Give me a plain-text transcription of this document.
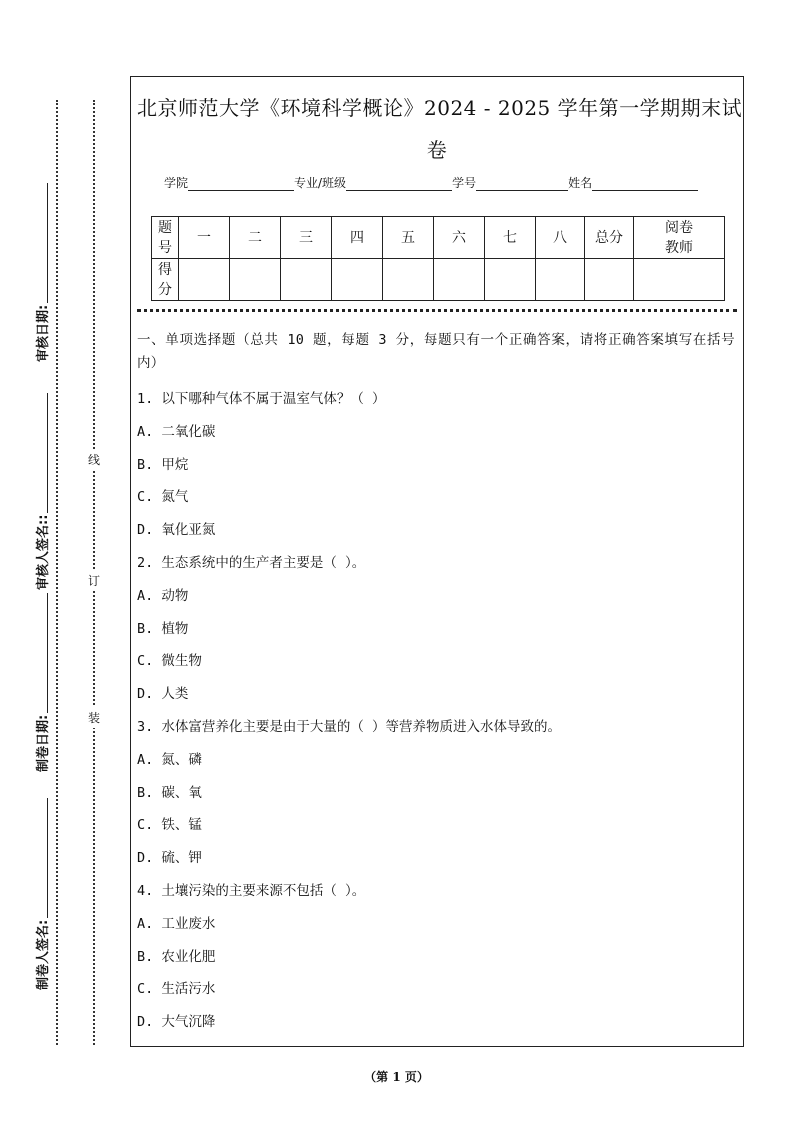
制卷人签名:
制卷日期:
审核人签名::
审核日期:
装
订
线
北京师范大学《环境科学概论》2024 - 2025 学年第一学期期末试
卷
学院	专业/班级	学号	姓名
题号	一	二	三	四	五	六	七	八	总分	阅卷教师
得分										
一、单项选择题（总共 10 题，每题 3 分，每题只有一个正确答案，请将正确答案填写在括号内）
1. 以下哪种气体不属于温室气体？（ ）
A. 二氧化碳
B. 甲烷
C. 氮气
D. 氧化亚氮
2. 生态系统中的生产者主要是（ ）。
A. 动物
B. 植物
C. 微生物
D. 人类
3. 水体富营养化主要是由于大量的（ ）等营养物质进入水体导致的。
A. 氮、磷
B. 碳、氧
C. 铁、锰
D. 硫、钾
4. 土壤污染的主要来源不包括（ ）。
A. 工业废水
B. 农业化肥
C. 生活污水
D. 大气沉降
（第 1 页）
